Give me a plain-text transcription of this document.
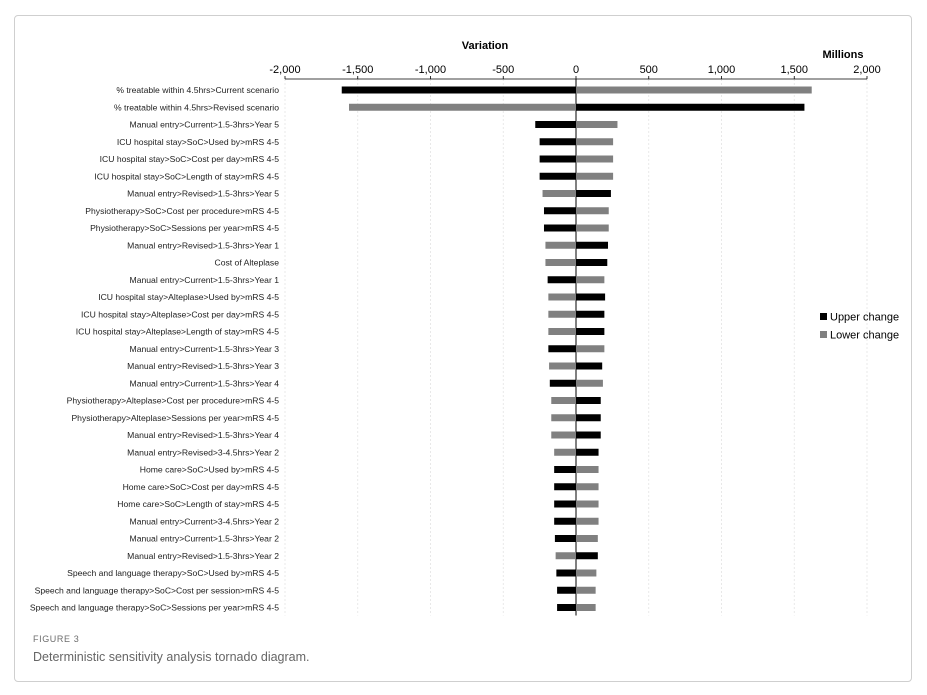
-2,000	-1,500	-1,000	-500	0	500	1,000	1,500	2,000
% treatable within 4.5hrs>Current scenario
% treatable within 4.5hrs>Revised scenario
Manual entry>Current>1.5-3hrs>Year 5
ICU hospital stay>SoC>Used by>mRS 4-5
ICU hospital stay>SoC>Cost per day>mRS 4-5
ICU hospital stay>SoC>Length of stay>mRS 4-5
Manual entry>Revised>1.5-3hrs>Year 5
Physiotherapy>SoC>Cost per procedure>mRS 4-5
Physiotherapy>SoC>Sessions per year>mRS 4-5
Manual entry>Revised>1.5-3hrs>Year 1
Cost of Alteplase
Manual entry>Current>1.5-3hrs>Year 1
ICU hospital stay>Alteplase>Used by>mRS 4-5
ICU hospital stay>Alteplase>Cost per day>mRS 4-5
ICU hospital stay>Alteplase>Length of stay>mRS 4-5
Manual entry>Current>1.5-3hrs>Year 3
Manual entry>Revised>1.5-3hrs>Year 3
Manual entry>Current>1.5-3hrs>Year 4
Physiotherapy>Alteplase>Cost per procedure>mRS 4-5
Physiotherapy>Alteplase>Sessions per year>mRS 4-5
Manual entry>Revised>1.5-3hrs>Year 4
Manual entry>Revised>3-4.5hrs>Year 2
Home care>SoC>Used by>mRS 4-5
Home care>SoC>Cost per day>mRS 4-5
Home care>SoC>Length of stay>mRS 4-5
Manual entry>Current>3-4.5hrs>Year 2
Manual entry>Current>1.5-3hrs>Year 2
Manual entry>Revised>1.5-3hrs>Year 2
Speech and language therapy>SoC>Used by>mRS 4-5
Speech and language therapy>SoC>Cost per session>mRS 4-5
Speech and language therapy>SoC>Sessions per year>mRS 4-5
Variation
Millions
Upper change
Lower change
FIGURE 3
Deterministic sensitivity analysis tornado diagram.
